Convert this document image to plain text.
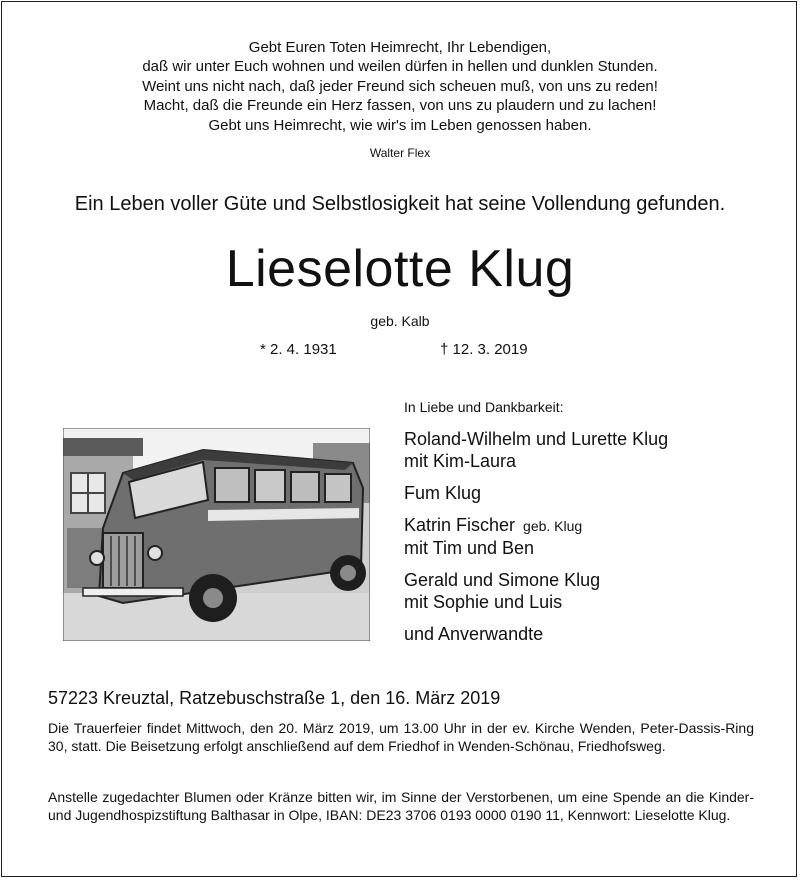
Gebt Euren Toten Heimrecht, Ihr Lebendigen,
daß wir unter Euch wohnen und weilen dürfen in hellen und dunklen Stunden.
Weint uns nicht nach, daß jeder Freund sich scheuen muß, von uns zu reden!
Macht, daß die Freunde ein Herz fassen, von uns zu plaudern und zu lachen!
Gebt uns Heimrecht, wie wir's im Leben genossen haben.
Walter Flex
Ein Leben voller Güte und Selbstlosigkeit hat seine Vollendung gefunden.
Lieselotte Klug
geb. Kalb
* 2. 4. 1931	† 12. 3. 2019
In Liebe und Dankbarkeit:
Roland-Wilhelm und Lurette Klug
mit Kim-Laura
Fum Klug
Katrin Fischer geb. Klug
mit Tim und Ben
Gerald und Simone Klug
mit Sophie und Luis
und Anverwandte
57223 Kreuztal, Ratzebuschstraße 1, den 16. März 2019
Die Trauerfeier findet Mittwoch, den 20. März 2019, um 13.00 Uhr in der ev. Kirche Wenden, Peter-Dassis-Ring 30, statt. Die Beisetzung erfolgt anschließend auf dem Friedhof in Wenden-Schönau, Friedhofsweg.
Anstelle zugedachter Blumen oder Kränze bitten wir, im Sinne der Verstorbenen, um eine Spende an die Kinder- und Jugendhospizstiftung Balthasar in Olpe, IBAN: DE23 3706 0193 0000 0190 11, Kennwort: Lieselotte Klug.
